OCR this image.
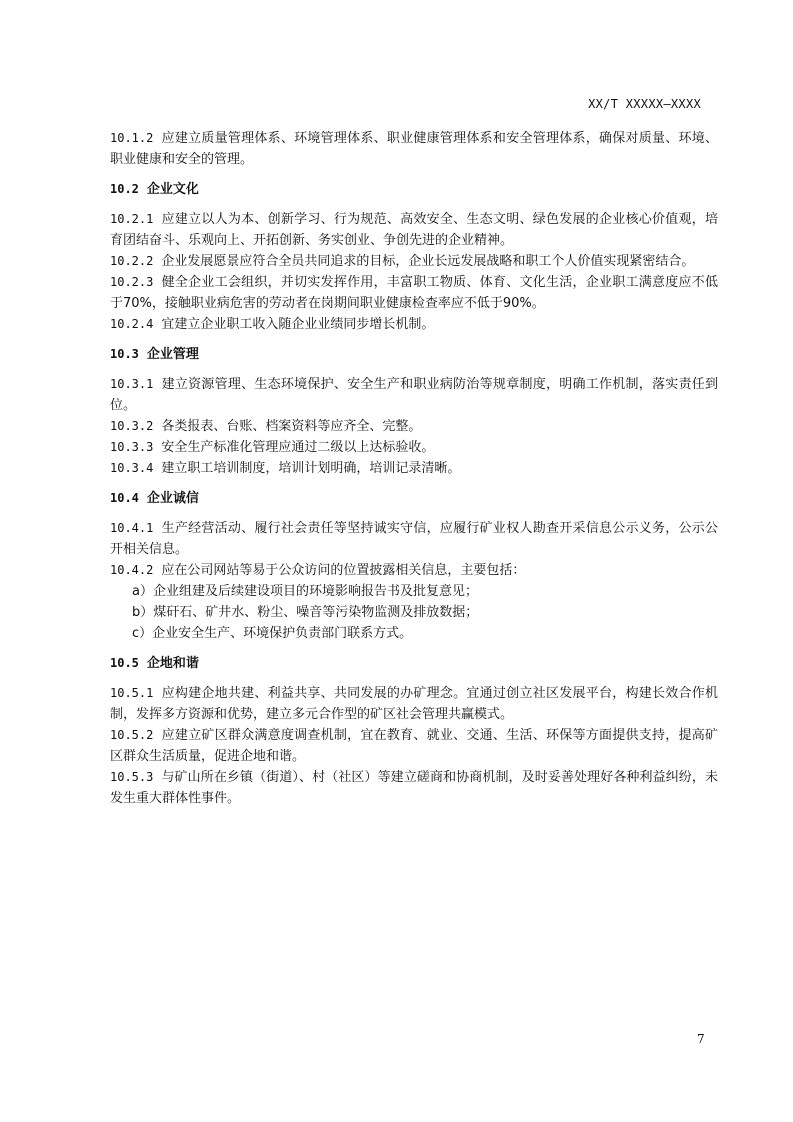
XX/T XXXXX—XXXX

10.1.2 应建立质量管理体系、环境管理体系、职业健康管理体系和安全管理体系，确保对质量、环境、职业健康和安全的管理。

10.2 企业文化

10.2.1 应建立以人为本、创新学习、行为规范、高效安全、生态文明、绿色发展的企业核心价值观，培育团结奋斗、乐观向上、开拓创新、务实创业、争创先进的企业精神。

10.2.2 企业发展愿景应符合全员共同追求的目标，企业长远发展战略和职工个人价值实现紧密结合。

10.2.3 健全企业工会组织，并切实发挥作用，丰富职工物质、体育、文化生活，企业职工满意度应不低于70%，接触职业病危害的劳动者在岗期间职业健康检查率应不低于90%。

10.2.4 宜建立企业职工收入随企业业绩同步增长机制。

10.3 企业管理

10.3.1 建立资源管理、生态环境保护、安全生产和职业病防治等规章制度，明确工作机制，落实责任到位。

10.3.2 各类报表、台账、档案资料等应齐全、完整。

10.3.3 安全生产标准化管理应通过二级以上达标验收。

10.3.4 建立职工培训制度，培训计划明确，培训记录清晰。

10.4 企业诚信

10.4.1 生产经营活动、履行社会责任等坚持诚实守信，应履行矿业权人勘查开采信息公示义务，公示公开相关信息。

10.4.2 应在公司网站等易于公众访问的位置披露相关信息，主要包括：

a）企业组建及后续建设项目的环境影响报告书及批复意见；

b）煤矸石、矿井水、粉尘、噪音等污染物监测及排放数据；

c）企业安全生产、环境保护负责部门联系方式。

10.5 企地和谐

10.5.1 应构建企地共建、利益共享、共同发展的办矿理念。宜通过创立社区发展平台，构建长效合作机制，发挥多方资源和优势，建立多元合作型的矿区社会管理共赢模式。

10.5.2 应建立矿区群众满意度调查机制，宜在教育、就业、交通、生活、环保等方面提供支持，提高矿区群众生活质量，促进企地和谐。

10.5.3 与矿山所在乡镇（街道）、村（社区）等建立磋商和协商机制，及时妥善处理好各种利益纠纷，未发生重大群体性事件。

7
